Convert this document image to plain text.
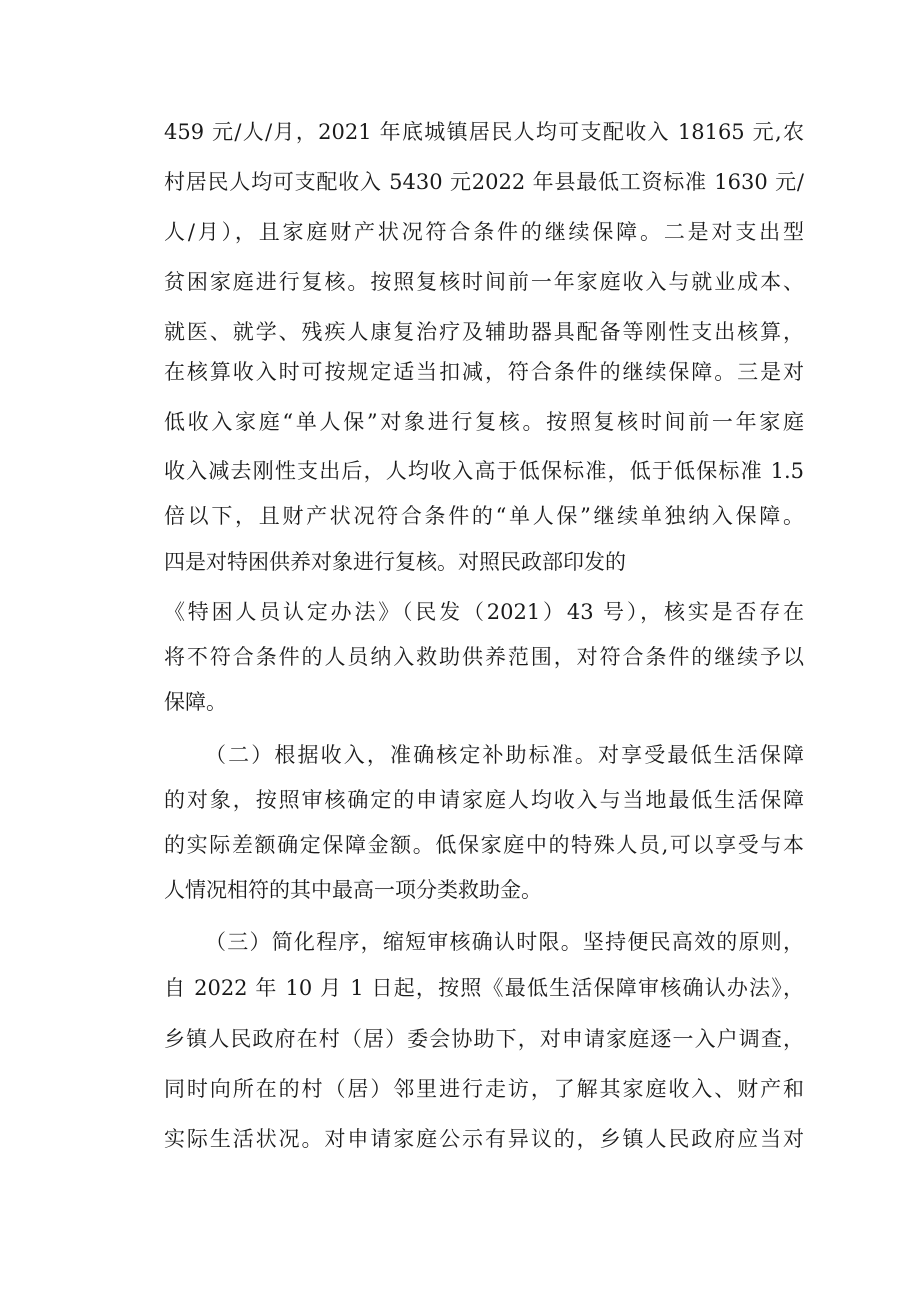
459 元/人/月，2021 年底城镇居民人均可支配收入 18165 元,农
村居民人均可支配收入 5430 元2022 年县最低工资标准 1630 元/
人/月），且家庭财产状况符合条件的继续保障。二是对支出型
贫困家庭进行复核。按照复核时间前一年家庭收入与就业成本、
就医、就学、残疾人康复治疗及辅助器具配备等刚性支出核算，
在核算收入时可按规定适当扣减，符合条件的继续保障。三是对
低收入家庭“单人保”对象进行复核。按照复核时间前一年家庭
收入减去刚性支出后，人均收入高于低保标准，低于低保标准 1.5
倍以下，且财产状况符合条件的“单人保”继续单独纳入保障。
四是对特困供养对象进行复核。对照民政部印发的
《特困人员认定办法》（民发（2021）43 号），核实是否存在
将不符合条件的人员纳入救助供养范围，对符合条件的继续予以
保障。
（二）根据收入，准确核定补助标准。对享受最低生活保障
的对象，按照审核确定的申请家庭人均收入与当地最低生活保障
的实际差额确定保障金额。低保家庭中的特殊人员,可以享受与本
人情况相符的其中最高一项分类救助金。
（三）简化程序，缩短审核确认时限。坚持便民高效的原则，
自 2022 年 10 月 1 日起，按照《最低生活保障审核确认办法》，
乡镇人民政府在村（居）委会协助下，对申请家庭逐一入户调查，
同时向所在的村（居）邻里进行走访，了解其家庭收入、财产和
实际生活状况。对申请家庭公示有异议的，乡镇人民政府应当对
